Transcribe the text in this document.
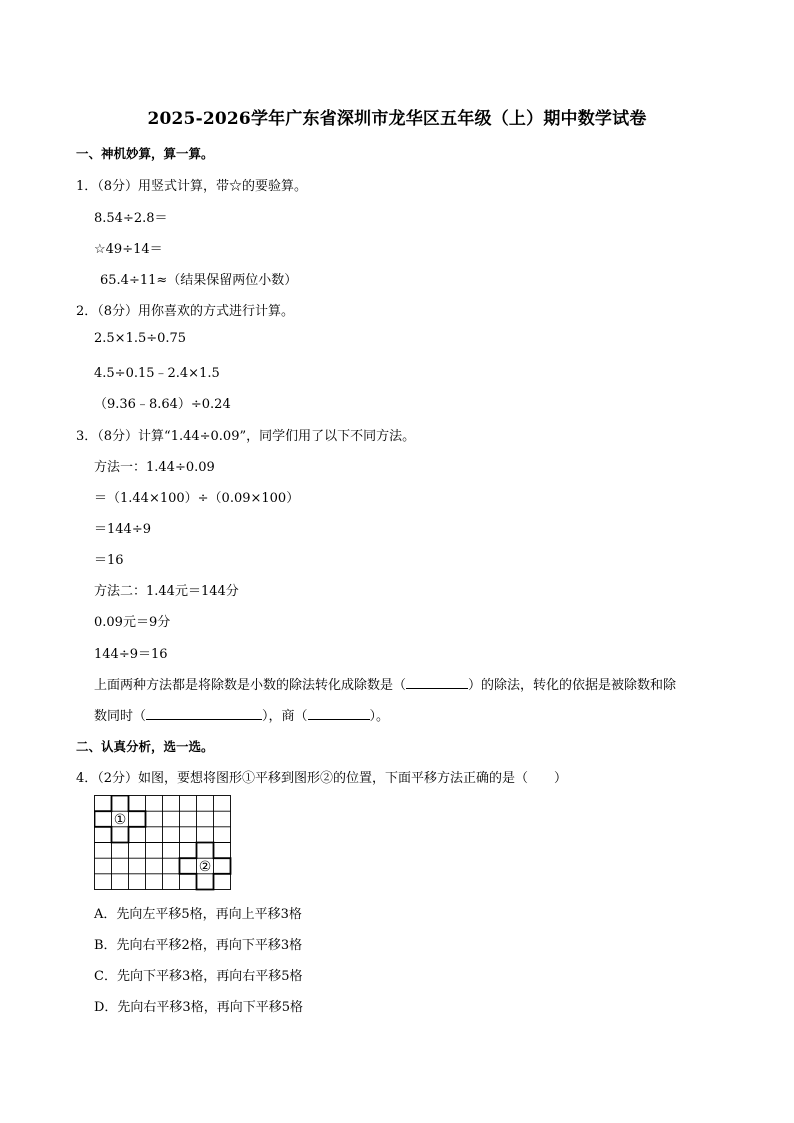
2025-2026学年广东省深圳市龙华区五年级（上）期中数学试卷
一、神机妙算，算一算。
1．（8分）用竖式计算，带☆的要验算。
8.54÷2.8＝
☆49÷14＝
65.4÷11≈（结果保留两位小数）
2．（8分）用你喜欢的方式进行计算。
2.5×1.5÷0.75
4.5÷0.15﹣2.4×1.5
（9.36﹣8.64）÷0.24
3．（8分）计算“1.44÷0.09”，同学们用了以下不同方法。
方法一：1.44÷0.09
＝（1.44×100）÷（0.09×100）
＝144÷9
＝16
方法二：1.44元＝144分
0.09元＝9分
144÷9＝16
上面两种方法都是将除数是小数的除法转化成除数是（	）的除法，转化的依据是被除数和除
数同时（	），商（	）。
二、认真分析，选一选。
4．（2分）如图，要想将图形①平移到图形②的位置，下面平移方法正确的是（　　）
①
②
A．先向左平移5格，再向上平移3格
B．先向右平移2格，再向下平移3格
C．先向下平移3格，再向右平移5格
D．先向右平移3格，再向下平移5格
